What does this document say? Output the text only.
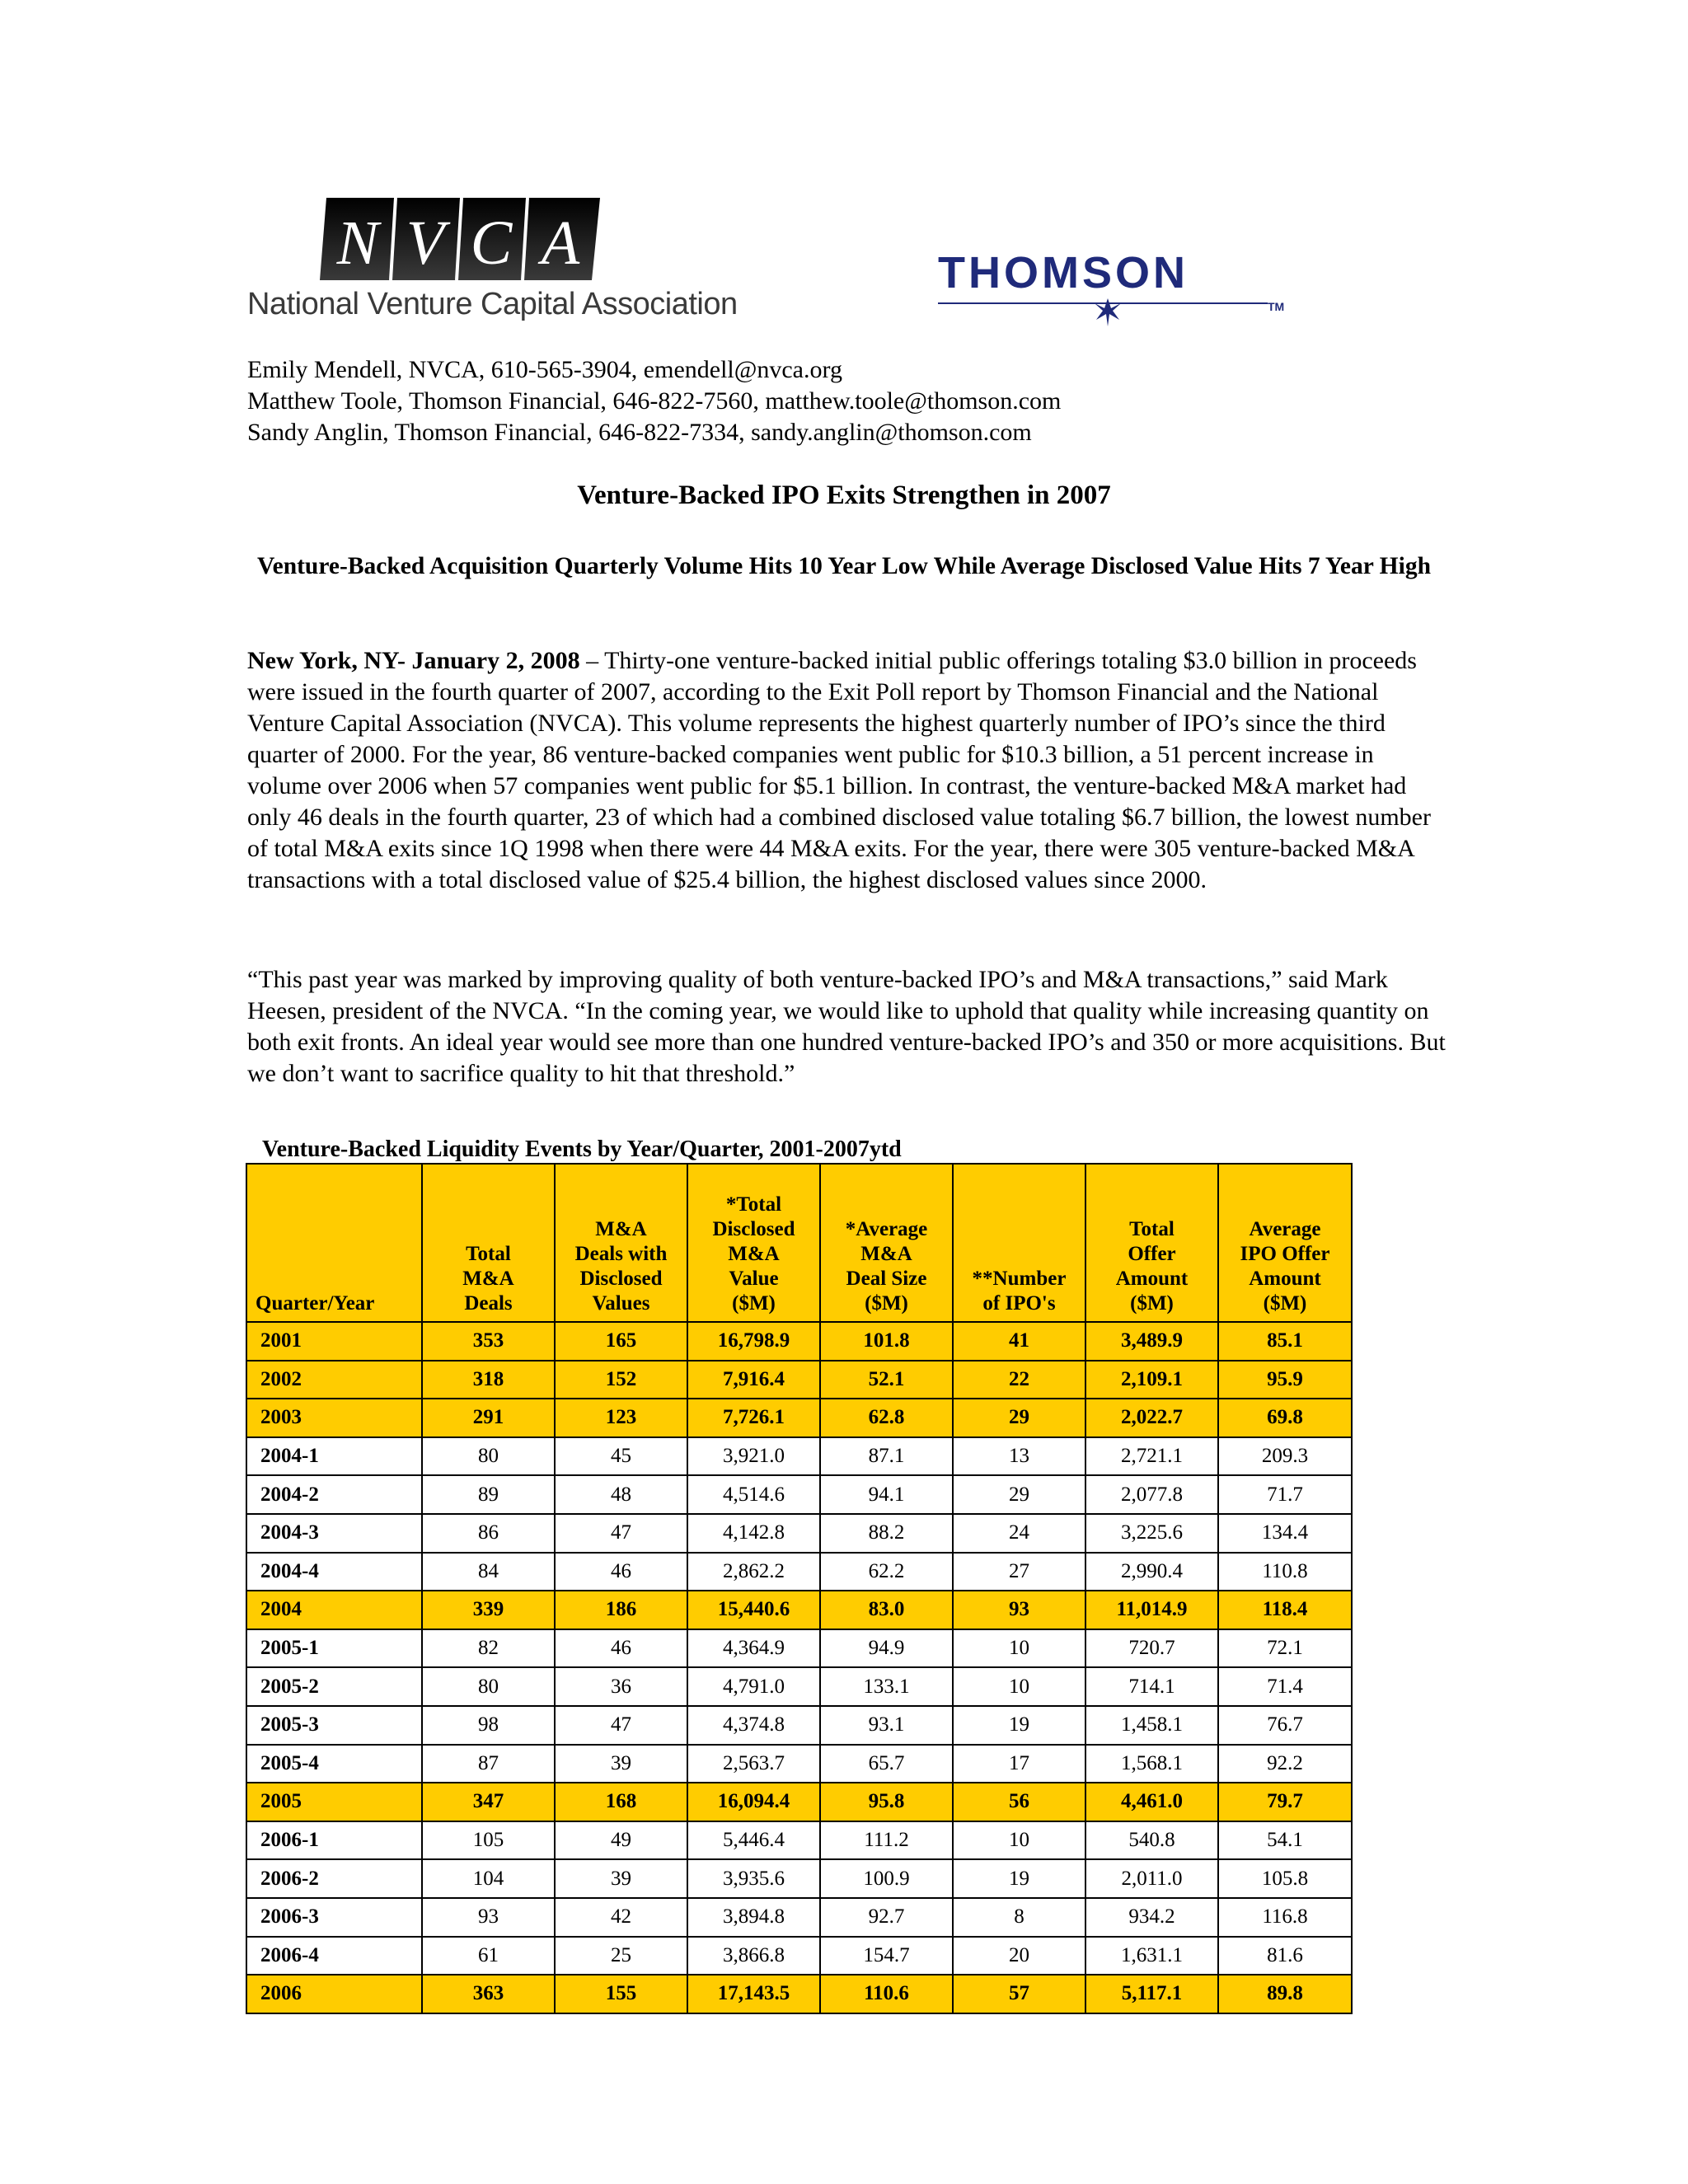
N V C A
National Venture Capital Association
THOMSON
TM
Emily Mendell, NVCA, 610-565-3904, emendell@nvca.org
Matthew Toole, Thomson Financial, 646-822-7560, matthew.toole@thomson.com
Sandy Anglin, Thomson Financial, 646-822-7334, sandy.anglin@thomson.com
Venture-Backed IPO Exits Strengthen in 2007
Venture-Backed Acquisition Quarterly Volume Hits 10 Year Low While Average Disclosed Value Hits 7 Year High

New York, NY- January 2, 2008 – Thirty-one venture-backed initial public offerings totaling $3.0 billion in proceeds were issued in the fourth quarter of 2007, according to the Exit Poll report by Thomson Financial and the National Venture Capital Association (NVCA). This volume represents the highest quarterly number of IPO’s since the third quarter of 2000. For the year, 86 venture-backed companies went public for $10.3 billion, a 51 percent increase in volume over 2006 when 57 companies went public for $5.1 billion. In contrast, the venture-backed M&A market had only 46 deals in the fourth quarter, 23 of which had a combined disclosed value totaling $6.7 billion, the lowest number of total M&A exits since 1Q 1998 when there were 44 M&A exits. For the year, there were 305 venture-backed M&A transactions with a total disclosed value of $25.4 billion, the highest disclosed values since 2000.

“This past year was marked by improving quality of both venture-backed IPO’s and M&A transactions,” said Mark Heesen, president of the NVCA. “In the coming year, we would like to uphold that quality while increasing quantity on both exit fronts. An ideal year would see more than one hundred venture-backed IPO’s and 350 or more acquisitions. But we don’t want to sacrifice quality to hit that threshold.”

Venture-Backed Liquidity Events by Year/Quarter, 2001-2007ytd
Quarter/Year	Total
M&A
Deals	M&A
Deals with
Disclosed
Values	*Total
Disclosed
M&A
Value
($M)	*Average
M&A
Deal Size
($M)	**Number
of IPO's	Total
Offer
Amount
($M)	Average
IPO Offer
Amount
($M)
2001	353	165	16,798.9	101.8	41	3,489.9	85.1
2002	318	152	7,916.4	52.1	22	2,109.1	95.9
2003	291	123	7,726.1	62.8	29	2,022.7	69.8
2004-1	80	45	3,921.0	87.1	13	2,721.1	209.3
2004-2	89	48	4,514.6	94.1	29	2,077.8	71.7
2004-3	86	47	4,142.8	88.2	24	3,225.6	134.4
2004-4	84	46	2,862.2	62.2	27	2,990.4	110.8
2004	339	186	15,440.6	83.0	93	11,014.9	118.4
2005-1	82	46	4,364.9	94.9	10	720.7	72.1
2005-2	80	36	4,791.0	133.1	10	714.1	71.4
2005-3	98	47	4,374.8	93.1	19	1,458.1	76.7
2005-4	87	39	2,563.7	65.7	17	1,568.1	92.2
2005	347	168	16,094.4	95.8	56	4,461.0	79.7
2006-1	105	49	5,446.4	111.2	10	540.8	54.1
2006-2	104	39	3,935.6	100.9	19	2,011.0	105.8
2006-3	93	42	3,894.8	92.7	8	934.2	116.8
2006-4	61	25	3,866.8	154.7	20	1,631.1	81.6
2006	363	155	17,143.5	110.6	57	5,117.1	89.8
